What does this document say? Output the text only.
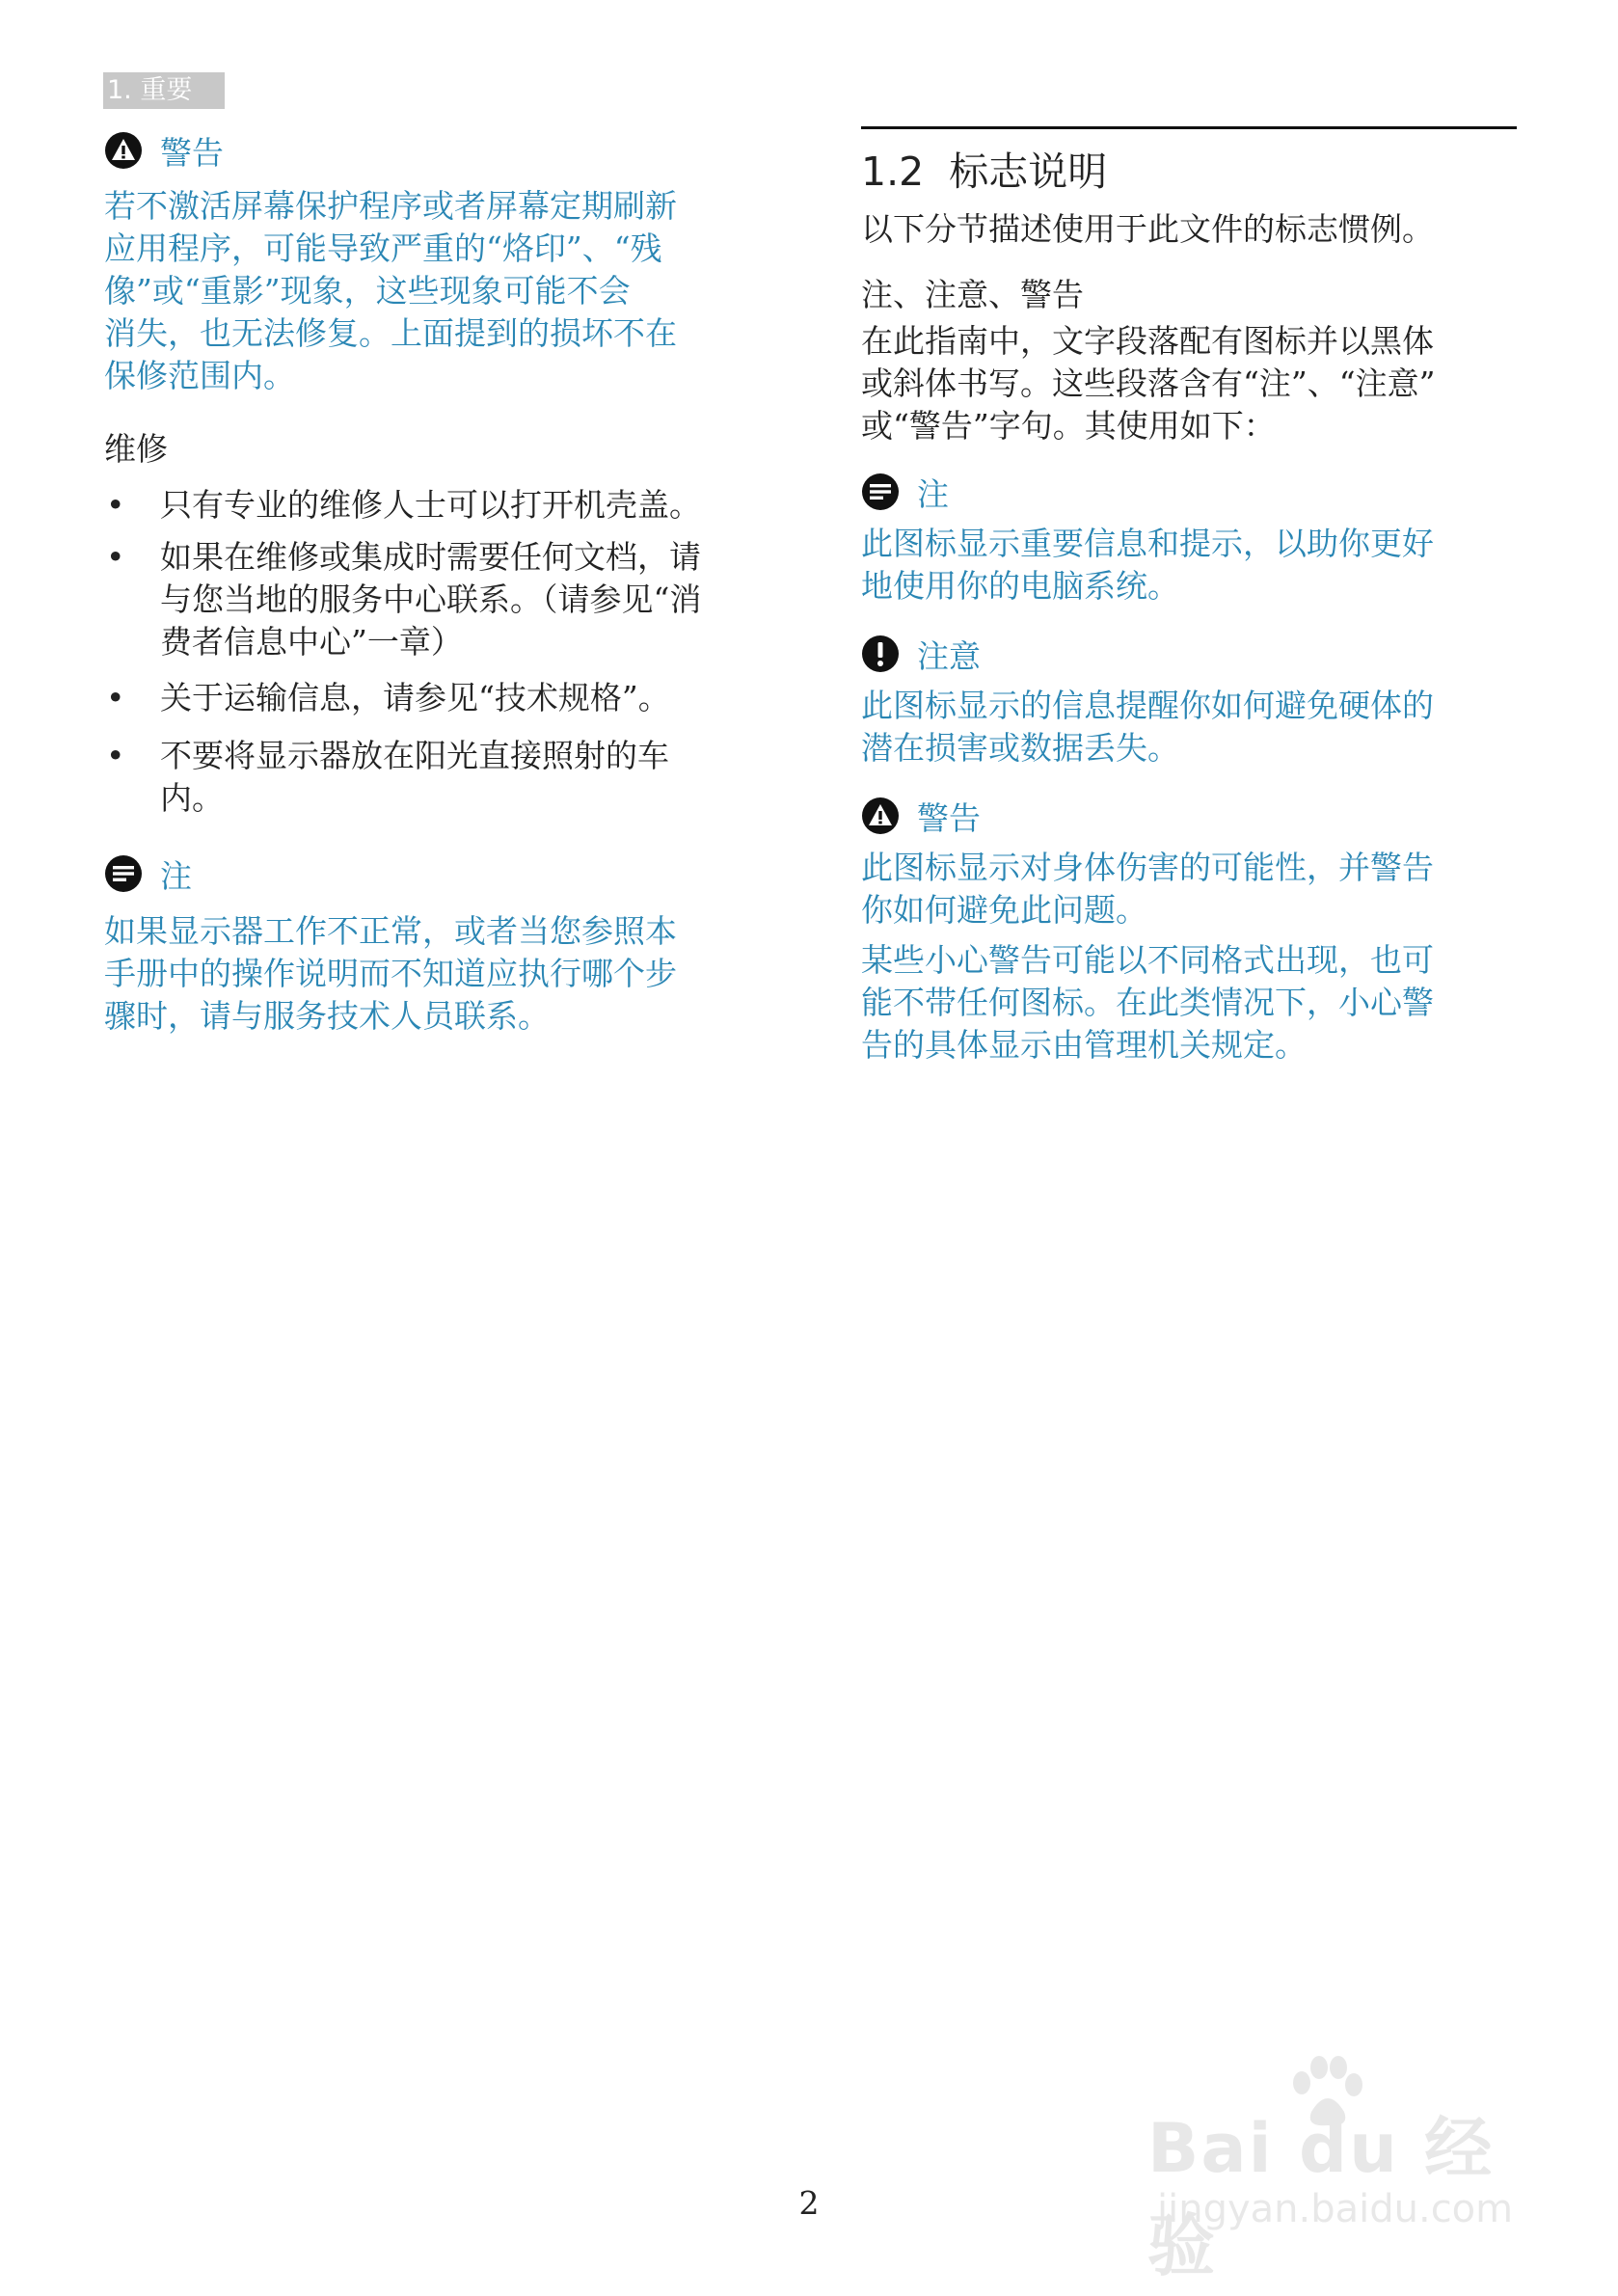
1. 重要
警告

若不激活屏幕保护程序或者屏幕定期刷新

应用程序，可能导致严重的“烙印”、“残

像”或“重影”现象，这些现象可能不会

消失，也无法修复。上面提到的损坏不在

保修范围内。

维修

• 只有专业的维修人士可以打开机壳盖。
• 如果在维修或集成时需要任何文档，请
与您当地的服务中心联系。（请参见“消
费者信息中心”一章）
• 关于运输信息，请参见“技术规格”。
• 不要将显示器放在阳光直接照射的车
内。
注

如果显示器工作不正常，或者当您参照本

手册中的操作说明而不知道应执行哪个步

骤时，请与服务技术人员联系。

1.2 标志说明

以下分节描述使用于此文件的标志惯例。

注、注意、警告

在此指南中，文字段落配有图标并以黑体

或斜体书写。这些段落含有“注”、“注意”

或“警告”字句。其使用如下：

注

此图标显示重要信息和提示，以助你更好

地使用你的电脑系统。

注意

此图标显示的信息提醒你如何避免硬体的

潜在损害或数据丢失。

警告

此图标显示对身体伤害的可能性，并警告

你如何避免此问题。

某些小心警告可能以不同格式出现，也可

能不带任何图标。在此类情况下，小心警

告的具体显示由管理机关规定。

2
Bai du 经验
jingyan.baidu.com
